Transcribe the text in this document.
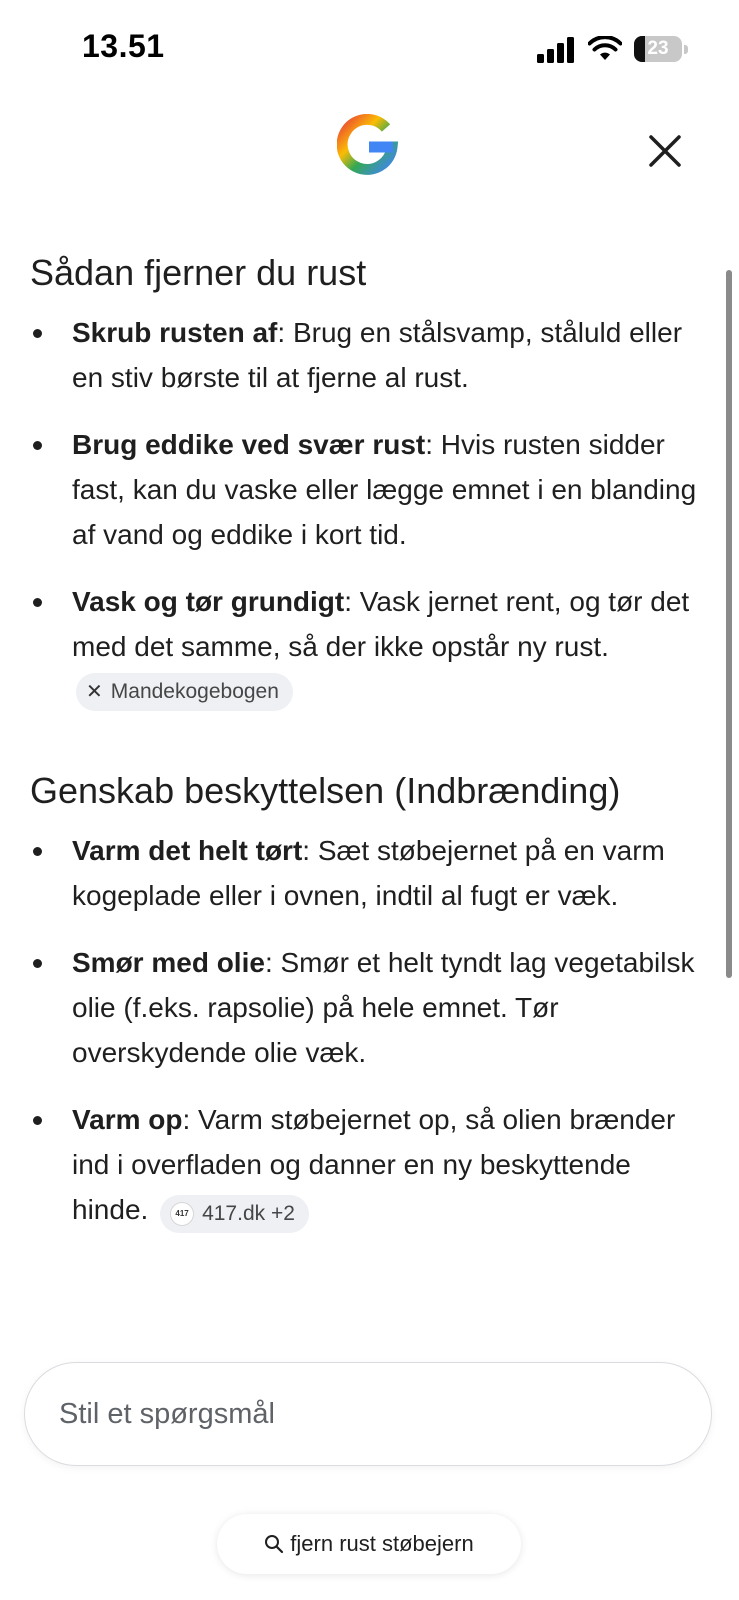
13.51	23
Sådan fjerner du rust
Skrub rusten af: Brug en stålsvamp, ståluld eller en stiv børste til at fjerne al rust.
Brug eddike ved svær rust: Hvis rusten sidder fast, kan du vaske eller lægge emnet i en blanding af vand og eddike i kort tid.
Vask og tør grundigt: Vask jernet rent, og tør det med det samme, så der ikke opstår ny rust.
✕ Mandekogebogen
Genskab beskyttelsen (Indbrænding)
Varm det helt tørt: Sæt støbejernet på en varm kogeplade eller i ovnen, indtil al fugt er væk.
Smør med olie: Smør et helt tyndt lag vegetabilsk olie (f.eks. rapsolie) på hele emnet. Tør overskydende olie væk.
Varm op: Varm støbejernet op, så olien brænder ind i overfladen og danner en ny beskyttende hinde.	417 417.dk +2
Stil et spørgsmål
fjern rust støbejern
